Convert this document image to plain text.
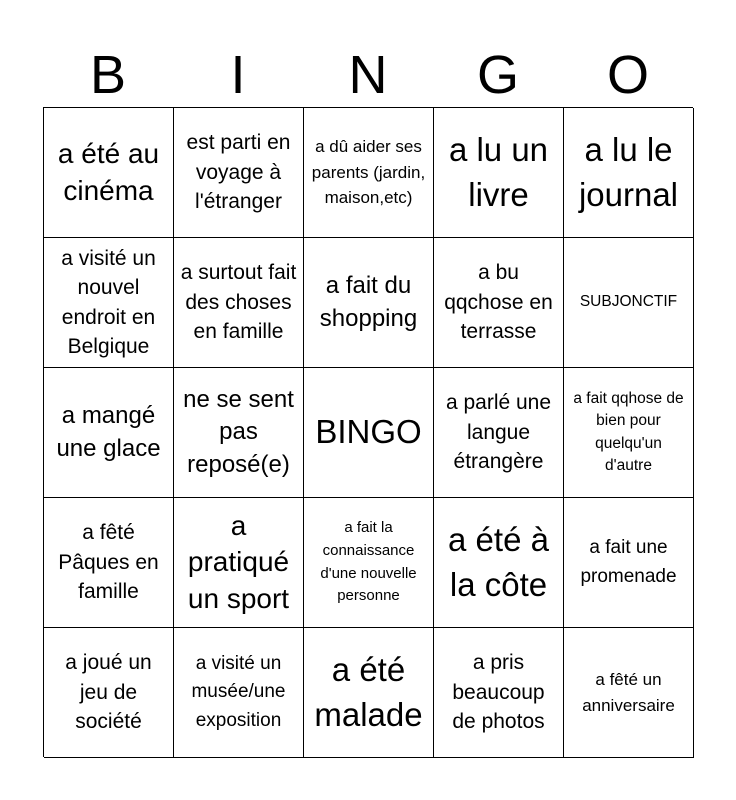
B	I	N	G	O
a été au cinéma
est parti en voyage à l'étranger
a dû aider ses parents (jardin, maison,etc)
a lu un livre
a lu le journal
a visité un nouvel endroit en Belgique
a surtout fait des choses en famille
a fait du shopping
a bu qqchose en terrasse
SUBJONCTIF
a mangé une glace
ne se sent pas reposé(e)
BINGO
a parlé une langue étrangère
a fait qqhose de bien pour quelqu'un d'autre
a fêté Pâques en famille
a pratiqué un sport
a fait la connaissance d'une nouvelle personne
a été à la côte
a fait une promenade
a joué un jeu de société
a visité un musée/une exposition
a été malade
a pris beaucoup de photos
a fêté un anniversaire
